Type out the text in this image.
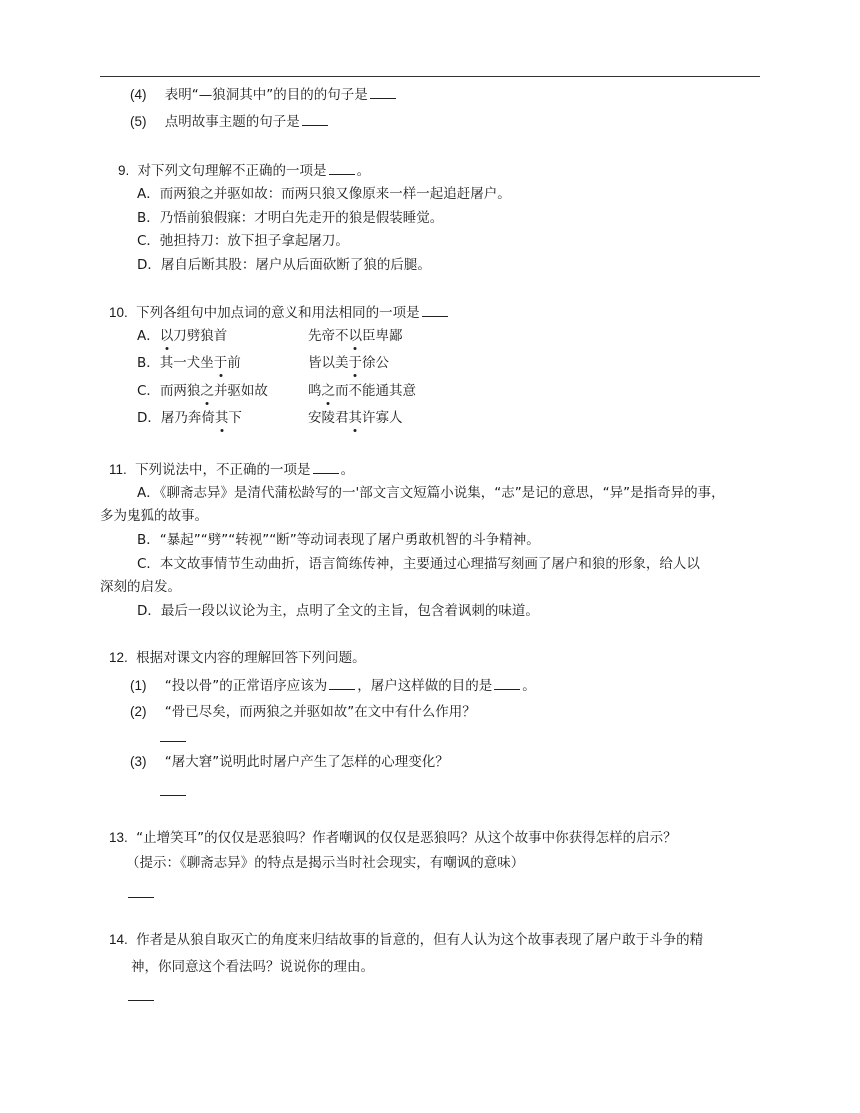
(4) 表明“—狼洞其中”的目的的句子是
(5) 点明故事主题的句子是
9. 对下列文句理解不正确的一项是 。
A．而两狼之并驱如故：而两只狼又像原来一样一起追赶屠户。
B．乃悟前狼假寐：才明白先走开的狼是假装睡觉。
C．弛担持刀：放下担子拿起屠刀。
D．屠自后断其股：屠户从后面砍断了狼的后腿。
10. 下列各组句中加点词的意义和用法相同的一项是
A．以刀劈狼首	先帝不以臣卑鄙
B．其一犬坐于前	皆以美于徐公
C．而两狼之并驱如故	鸣之而不能通其意
D．屠乃奔倚其下	安陵君其许寡人
11. 下列说法中，不正确的一项是 。
A．《聊斋志异》是清代蒲松龄写的一'部文言文短篇小说集，“志”是记的意思，“异”是指奇异的事，
多为鬼狐的故事。
B．“暴起”“劈”“转视”“断”等动词表现了屠户勇敢机智的斗争精神。
C．本文故事情节生动曲折，语言简练传神，主要通过心理描写刻画了屠户和狼的形象，给人以
深刻的启发。
D．最后一段以议论为主，点明了全文的主旨，包含着讽刺的味道。
12. 根据对课文内容的理解回答下列问题。
(1) “投以骨”的正常语序应该为 ，屠户这样做的目的是 。
(2) “骨已尽矣，而两狼之并驱如故”在文中有什么作用？
(3) “屠大窘”说明此时屠户产生了怎样的心理变化？
13. “止增笑耳”的仅仅是恶狼吗？作者嘲讽的仅仅是恶狼吗？从这个故事中你获得怎样的启示？
（提示：《聊斋志异》的特点是揭示当时社会现实，有嘲讽的意味）
14. 作者是从狼自取灭亡的角度来归结故事的旨意的，但有人认为这个故事表现了屠户敢于斗争的精
神，你同意这个看法吗？说说你的理由。
